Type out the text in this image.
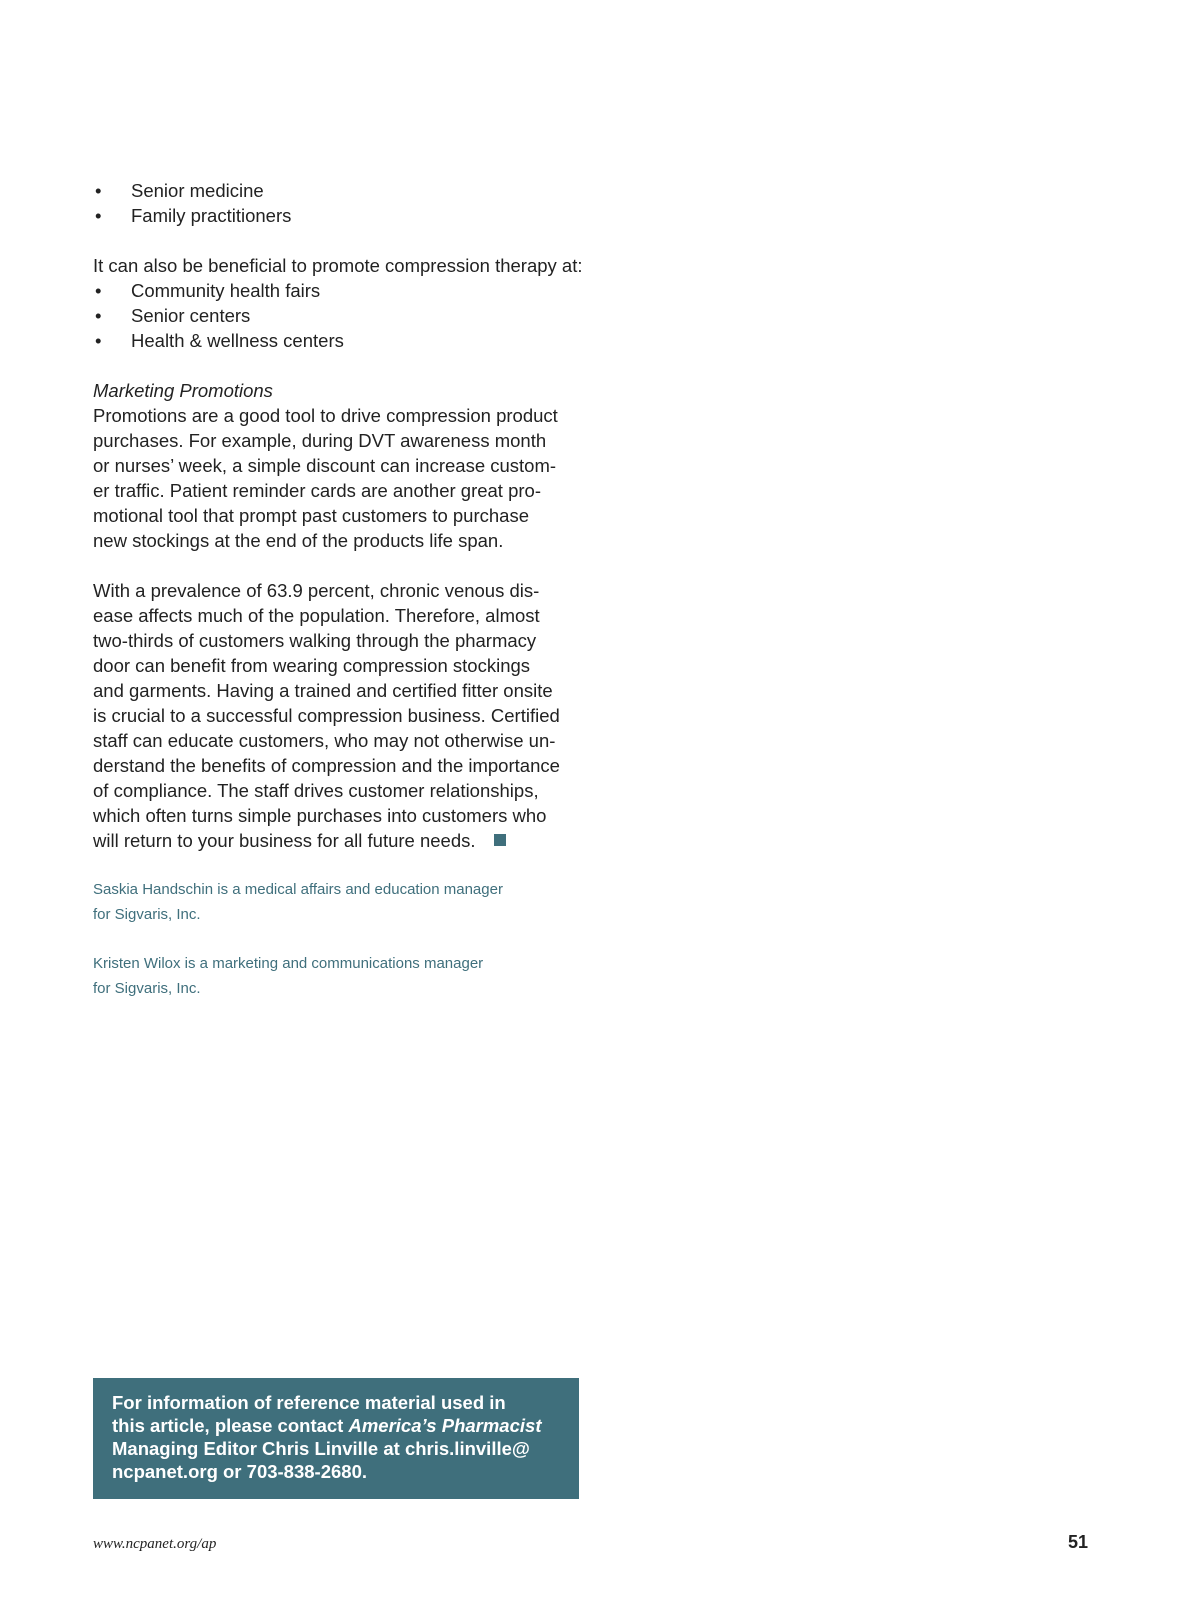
• Senior medicine
• Family practitioners

It can also be beneficial to promote compression therapy at:

• Community health fairs
• Senior centers
• Health & wellness centers

Marketing Promotions

Promotions are a good tool to drive compression product
purchases. For example, during DVT awareness month
or nurses’ week, a simple discount can increase custom-
er traffic. Patient reminder cards are another great pro-
motional tool that prompt past customers to purchase
new stockings at the end of the products life span.

With a prevalence of 63.9 percent, chronic venous dis-
ease affects much of the population. Therefore, almost
two-thirds of customers walking through the pharmacy
door can benefit from wearing compression stockings
and garments. Having a trained and certified fitter onsite
is crucial to a successful compression business. Certified
staff can educate customers, who may not otherwise un-
derstand the benefits of compression and the importance
of compliance. The staff drives customer relationships,
which often turns simple purchases into customers who
will return to your business for all future needs.

Saskia Handschin is a medical affairs and education manager
for Sigvaris, Inc.

Kristen Wilox is a marketing and communications manager
for Sigvaris, Inc.

For information of reference material used in
this article, please contact America’s Pharmacist
Managing Editor Chris Linville at chris.linville@
ncpanet.org or 703-838-2680.
www.ncpanet.org/ap	51
